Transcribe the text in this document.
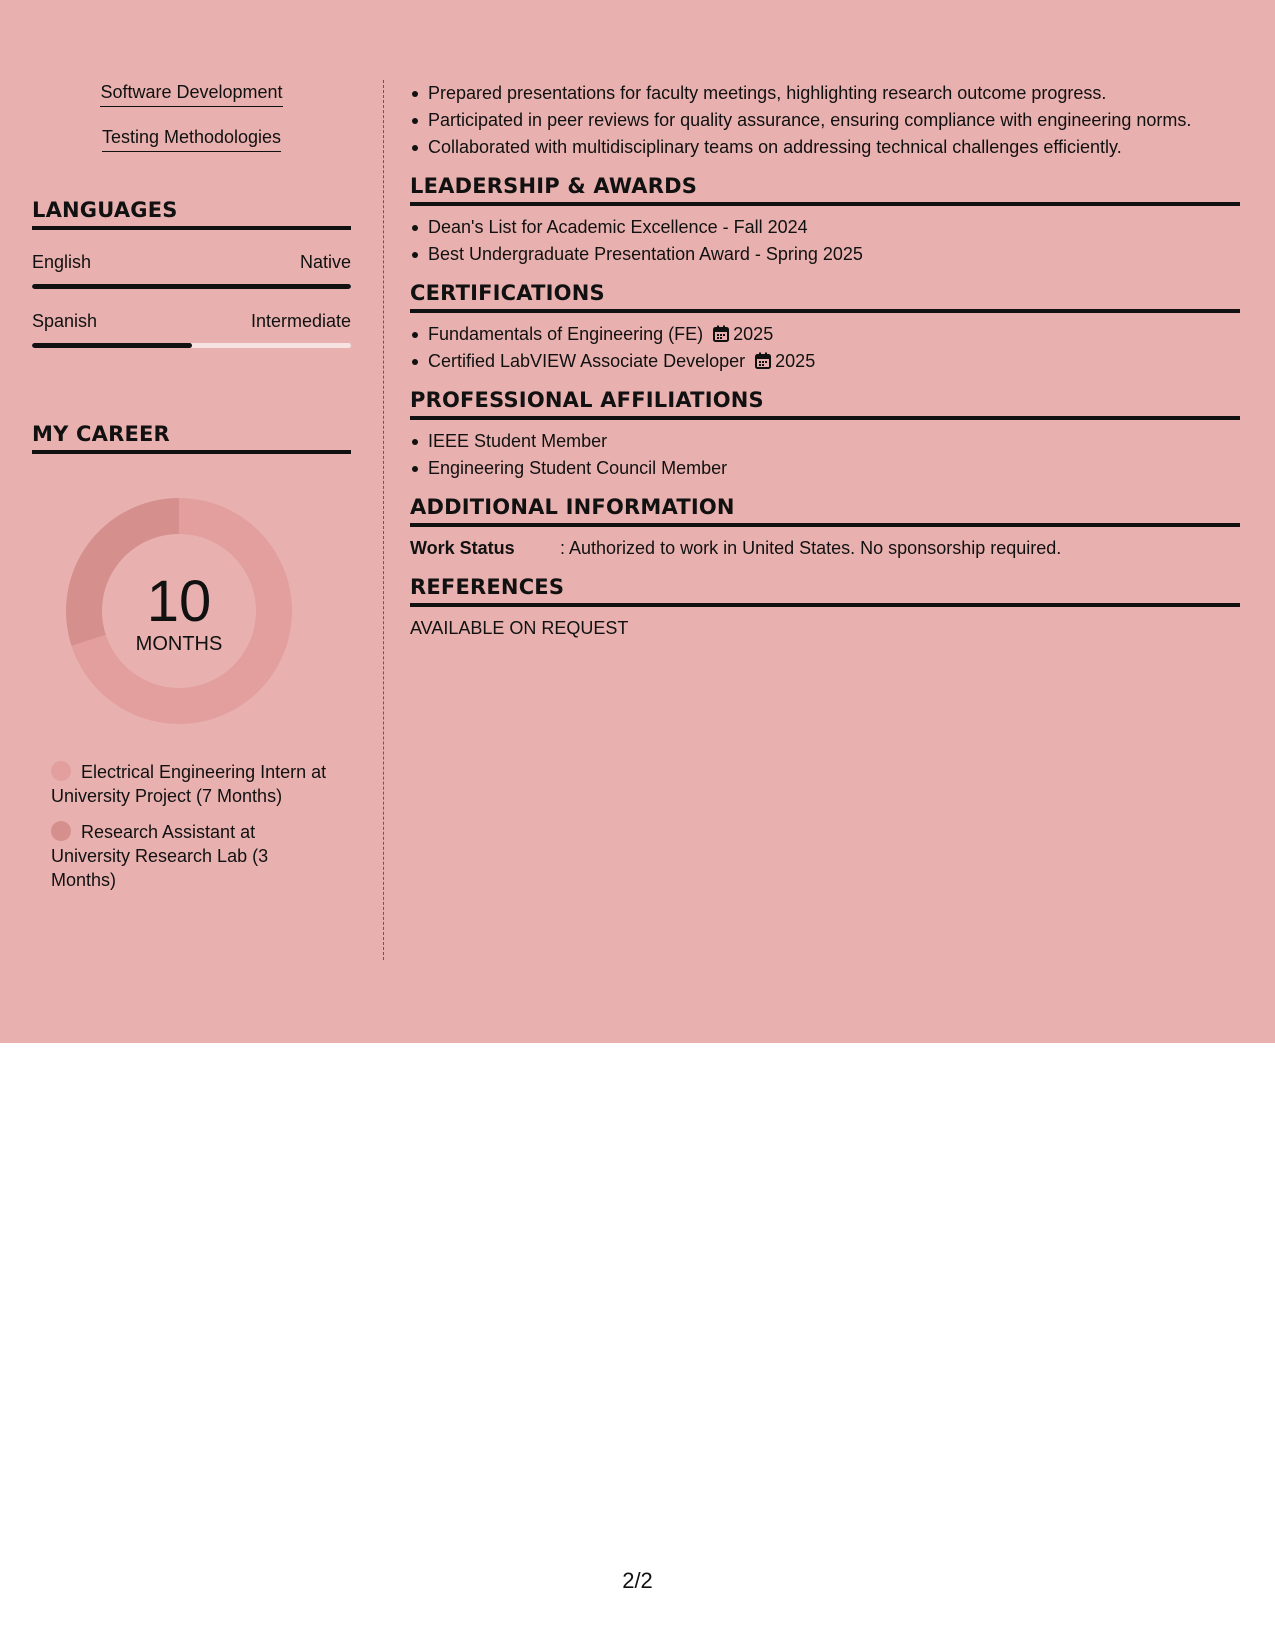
Software Development
Testing Methodologies
LANGUAGES
English	Native
Spanish	Intermediate
MY CAREER
10
MONTHS
Electrical Engineering Intern at University Project (7 Months)
Research Assistant at University Research Lab (3 Months)
Prepared presentations for faculty meetings, highlighting research outcome progress.
Participated in peer reviews for quality assurance, ensuring compliance with engineering norms.
Collaborated with multidisciplinary teams on addressing technical challenges efficiently.
LEADERSHIP & AWARDS
Dean's List for Academic Excellence - Fall 2024
Best Undergraduate Presentation Award - Spring 2025
CERTIFICATIONS
Fundamentals of Engineering (FE) 2025
Certified LabVIEW Associate Developer 2025
PROFESSIONAL AFFILIATIONS
IEEE Student Member
Engineering Student Council Member
ADDITIONAL INFORMATION
Work Status	: Authorized to work in United States. No sponsorship required.
REFERENCES
AVAILABLE ON REQUEST
2/2
